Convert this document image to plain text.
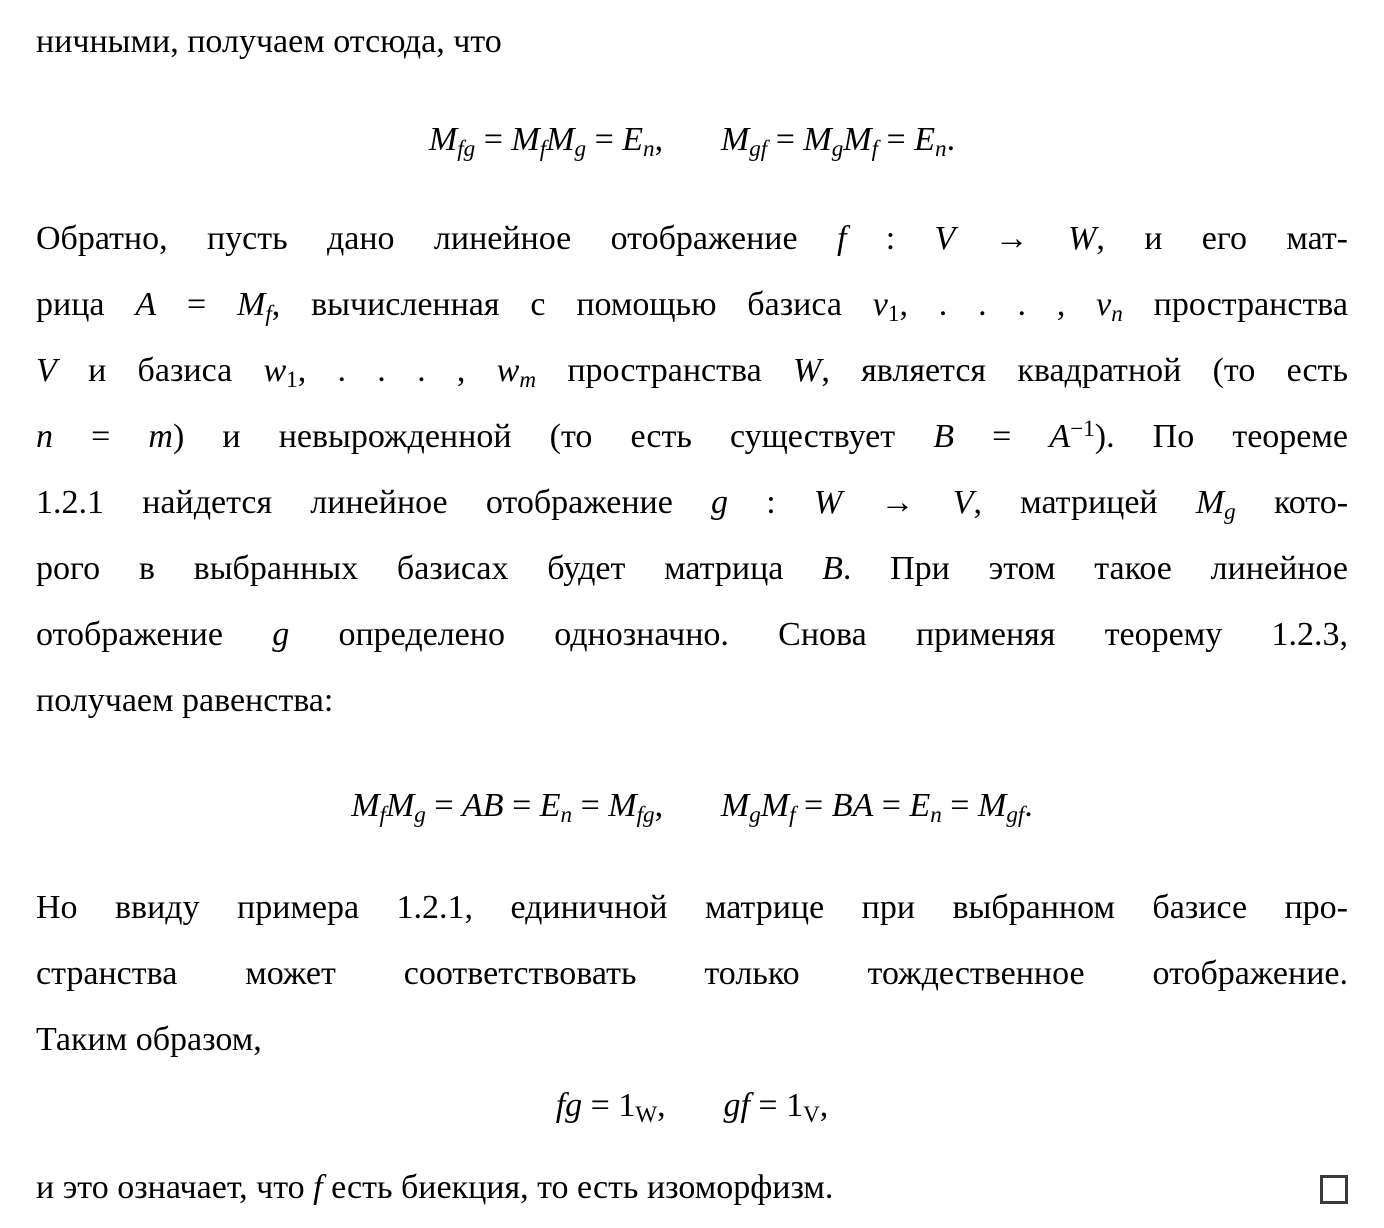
ничными, получаем отсюда, что
Mfg = MfMg = En, Mgf = MgMf = En.
Обратно, пусть дано линейное отображение f : V → W, и его мат-
рица A = Mf, вычисленная с помощью базиса v1, . . . , vn пространства
V и базиса w1, . . . , wm пространства W, является квадратной (то есть
n = m) и невырожденной (то есть существует $B = A^{-1}$). По теореме
1.2.1 найдется линейное отображение g : W → V, матрицей Mg кото-
рого в выбранных базисах будет матрица B. При этом такое линейное
отображение g определено однозначно. Снова применяя теорему 1.2.3,
получаем равенства:
MfMg = AB = En = Mfg, MgMf = BA = En = Mgf.
Но ввиду примера 1.2.1, единичной матрице при выбранном базисе про-
странства может соответствовать только тождественное отображение.
Таким образом,
fg = 1W, gf = 1V,
и это означает, что f есть биекция, то есть изоморфизм.
